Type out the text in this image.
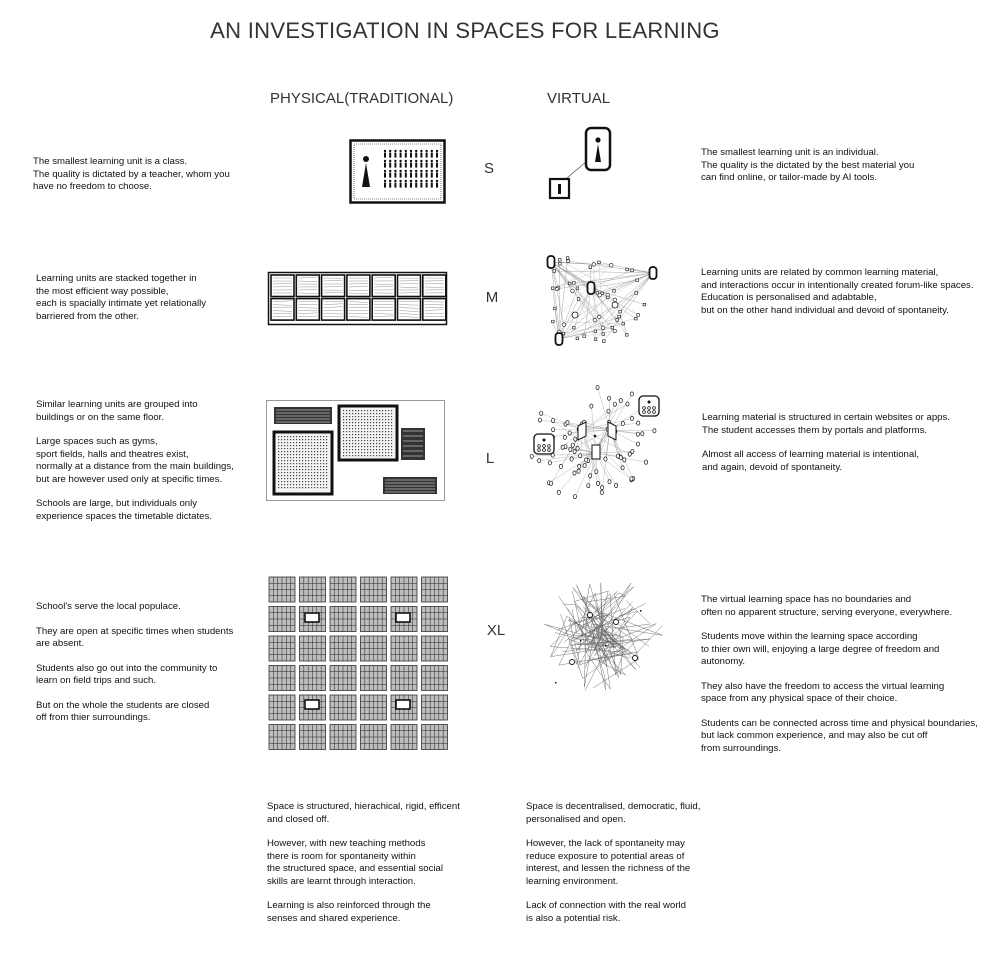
AN INVESTIGATION IN SPACES FOR LEARNING
PHYSICAL(TRADITIONAL)	VIRTUAL
S
M
L
XL

The smallest learning unit is a class.
The quality is dictated by a teacher, whom you
have no freedom to choose.

Learning units are stacked together in
the most efficient way possible,
each is spacially intimate yet relationally
barriered from the other.

Similar learning units are grouped into
buildings or on the same floor.

Large spaces such as gyms,
sport fields, halls and theatres exist,
normally at a distance from the main buildings,
but are however used only at specific times.

Schools are large, but individuals only
experience spaces the timetable dictates.

School's serve the local populace.

They are open at specific times when students
are absent.

Students also go out into the community to
learn on field trips and such.

But on the whole the students are closed
off from thier surroundings.

The smallest learning unit is an individual.
The quality is the dictated by the best material you
can find online, or tailor-made by AI tools.

Learning units are related by common learning material,
and interactions occur in intentionally created forum-like spaces.
Education is personalised and adabtable,
but on the other hand individual and devoid of spontaneity.

Learning material is structured in certain websites or apps.
The student accesses them by portals and platforms.

Almost all access of learning material is intentional,
and again, devoid of spontaneity.

The virtual learning space has no boundaries and
often no apparent structure, serving everyone, everywhere.

Students move within the learning space according
to thier own will, enjoying a large degree of freedom and
autonomy.

They also have the freedom to access the virtual learning
space from any physical space of their choice.

Students can be connected across time and physical boundaries,
but lack common experience, and may also be cut off
from surroundings.

Space is structured, hierachical, rigid, efficent
and closed off.

However, with new teaching methods
there is room for spontaneity within
the structured space, and essential social
skills are learnt through interaction.

Learning is also reinforced through the
senses and shared experience.

Space is decentralised, democratic, fluid,
personalised and open.

However, the lack of spontaneity may
reduce exposure to potential areas of
interest, and lessen the richness of the
learning environment.

Lack of connection with the real world
is also a potential risk.
